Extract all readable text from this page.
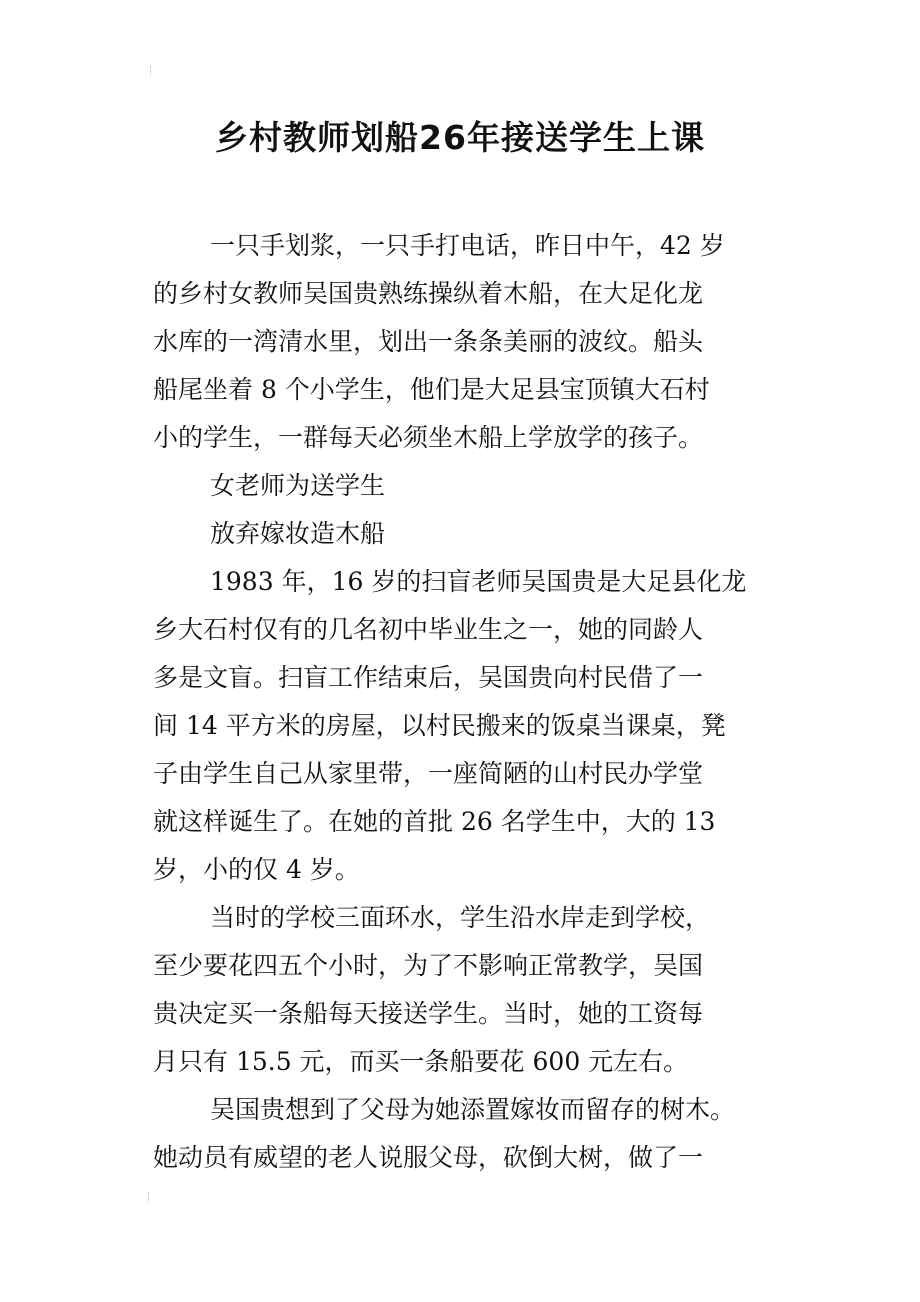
乡村教师划船26年接送学生上课

一只手划浆，一只手打电话，昨日中午，42 岁

的乡村女教师吴国贵熟练操纵着木船，在大足化龙

水库的一湾清水里，划出一条条美丽的波纹。船头

船尾坐着 8 个小学生，他们是大足县宝顶镇大石村

小的学生，一群每天必须坐木船上学放学的孩子。

女老师为送学生

放弃嫁妆造木船

1983 年，16 岁的扫盲老师吴国贵是大足县化龙

乡大石村仅有的几名初中毕业生之一，她的同龄人

多是文盲。扫盲工作结束后，吴国贵向村民借了一

间 14 平方米的房屋，以村民搬来的饭桌当课桌，凳

子由学生自己从家里带，一座简陋的山村民办学堂

就这样诞生了。在她的首批 26 名学生中，大的 13

岁，小的仅 4 岁。

当时的学校三面环水，学生沿水岸走到学校，

至少要花四五个小时，为了不影响正常教学，吴国

贵决定买一条船每天接送学生。当时，她的工资每

月只有 15.5 元，而买一条船要花 600 元左右。

吴国贵想到了父母为她添置嫁妆而留存的树木。

她动员有威望的老人说服父母，砍倒大树，做了一
